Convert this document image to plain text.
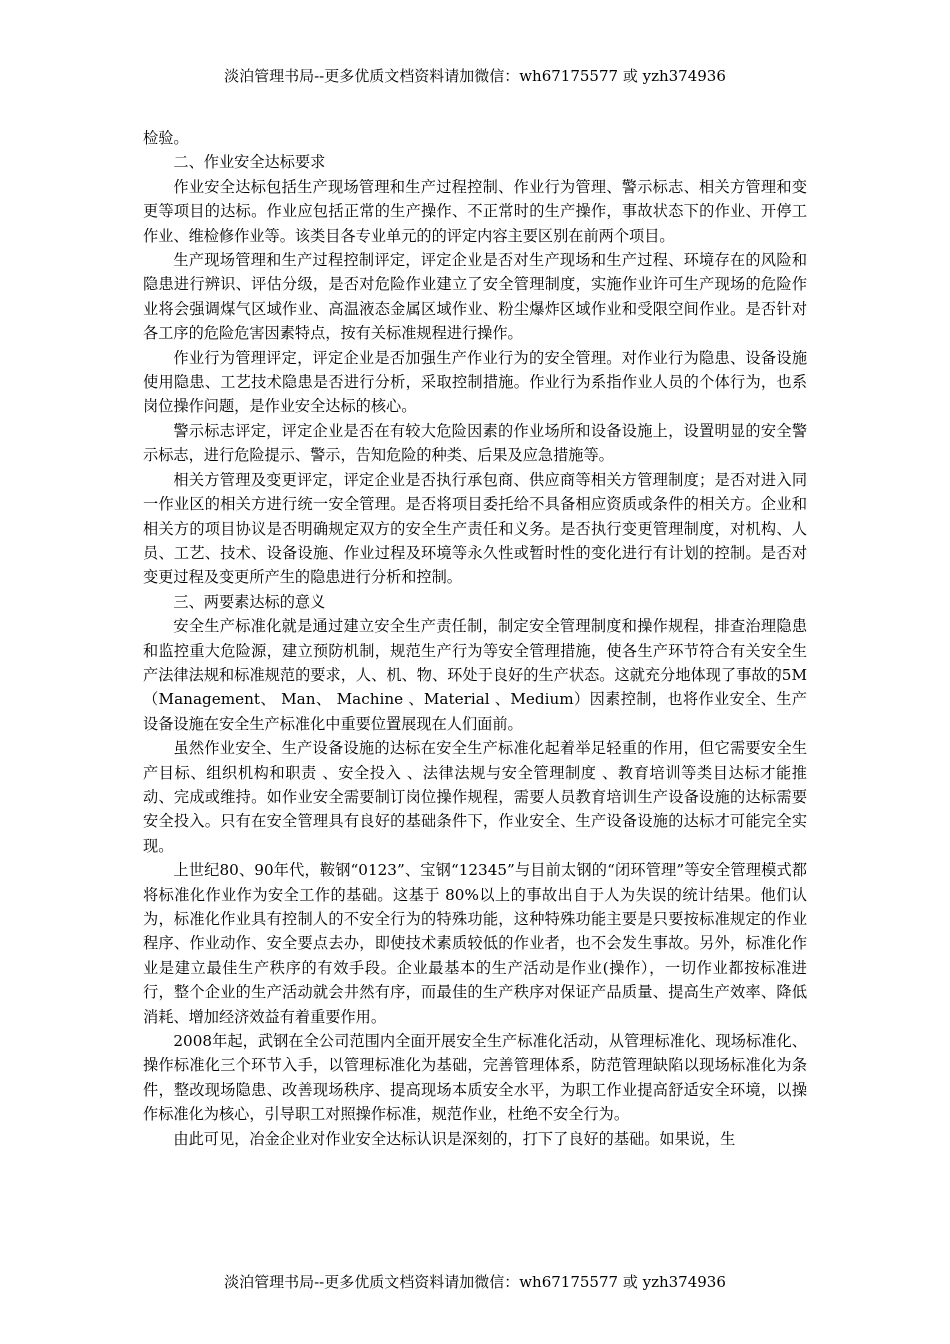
淡泊管理书局--更多优质文档资料请加微信：wh67175577 或 yzh374936

检验。

二、作业安全达标要求

作业安全达标包括生产现场管理和生产过程控制、作业行为管理、警示标志、相关方管理和变更等项目的达标。作业应包括正常的生产操作、不正常时的生产操作，事故状态下的作业、开停工作业、维检修作业等。该类目各专业单元的的评定内容主要区别在前两个项目。

生产现场管理和生产过程控制评定，评定企业是否对生产现场和生产过程、环境存在的风险和隐患进行辨识、评估分级，是否对危险作业建立了安全管理制度，实施作业许可生产现场的危险作业将会强调煤气区域作业、高温液态金属区域作业、粉尘爆炸区域作业和受限空间作业。是否针对各工序的危险危害因素特点，按有关标准规程进行操作。

作业行为管理评定，评定企业是否加强生产作业行为的安全管理。对作业行为隐患、设备设施使用隐患、工艺技术隐患是否进行分析，采取控制措施。作业行为系指作业人员的个体行为，也系岗位操作问题，是作业安全达标的核心。

警示标志评定，评定企业是否在有较大危险因素的作业场所和设备设施上，设置明显的安全警示标志，进行危险提示、警示，告知危险的种类、后果及应急措施等。

相关方管理及变更评定，评定企业是否执行承包商、供应商等相关方管理制度；是否对进入同一作业区的相关方进行统一安全管理。是否将项目委托给不具备相应资质或条件的相关方。企业和相关方的项目协议是否明确规定双方的安全生产责任和义务。是否执行变更管理制度，对机构、人员、工艺、技术、设备设施、作业过程及环境等永久性或暂时性的变化进行有计划的控制。是否对变更过程及变更所产生的隐患进行分析和控制。

三、两要素达标的意义

安全生产标准化就是通过建立安全生产责任制，制定安全管理制度和操作规程，排查治理隐患和监控重大危险源，建立预防机制，规范生产行为等安全管理措施，使各生产环节符合有关安全生产法律法规和标准规范的要求，人、机、物、环处于良好的生产状态。这就充分地体现了事故的5M（Management、 Man、 Machine 、Material 、Medium）因素控制，也将作业安全、生产设备设施在安全生产标准化中重要位置展现在人们面前。

虽然作业安全、生产设备设施的达标在安全生产标准化起着举足轻重的作用，但它需要安全生产目标、组织机构和职责 、安全投入 、法律法规与安全管理制度 、教育培训等类目达标才能推动、完成或维持。如作业安全需要制订岗位操作规程，需要人员教育培训生产设备设施的达标需要安全投入。只有在安全管理具有良好的基础条件下，作业安全、生产设备设施的达标才可能完全实现。

上世纪80、90年代，鞍钢“0123”、宝钢“12345”与目前太钢的“闭环管理”等安全管理模式都将标准化作业作为安全工作的基础。这基于 80%以上的事故出自于人为失误的统计结果。他们认为，标准化作业具有控制人的不安全行为的特殊功能，这种特殊功能主要是只要按标准规定的作业程序、作业动作、安全要点去办，即使技术素质较低的作业者，也不会发生事故。另外，标准化作业是建立最佳生产秩序的有效手段。企业最基本的生产活动是作业(操作），一切作业都按标准进行，整个企业的生产活动就会井然有序，而最佳的生产秩序对保证产品质量、提高生产效率、降低消耗、增加经济效益有着重要作用。

2008年起，武钢在全公司范围内全面开展安全生产标准化活动，从管理标准化、现场标准化、操作标准化三个环节入手，以管理标准化为基础，完善管理体系，防范管理缺陷以现场标准化为条件，整改现场隐患、改善现场秩序、提高现场本质安全水平，为职工作业提高舒适安全环境，以操作标准化为核心，引导职工对照操作标准，规范作业，杜绝不安全行为。

由此可见，冶金企业对作业安全达标认识是深刻的，打下了良好的基础。如果说，生

淡泊管理书局--更多优质文档资料请加微信：wh67175577 或 yzh374936
